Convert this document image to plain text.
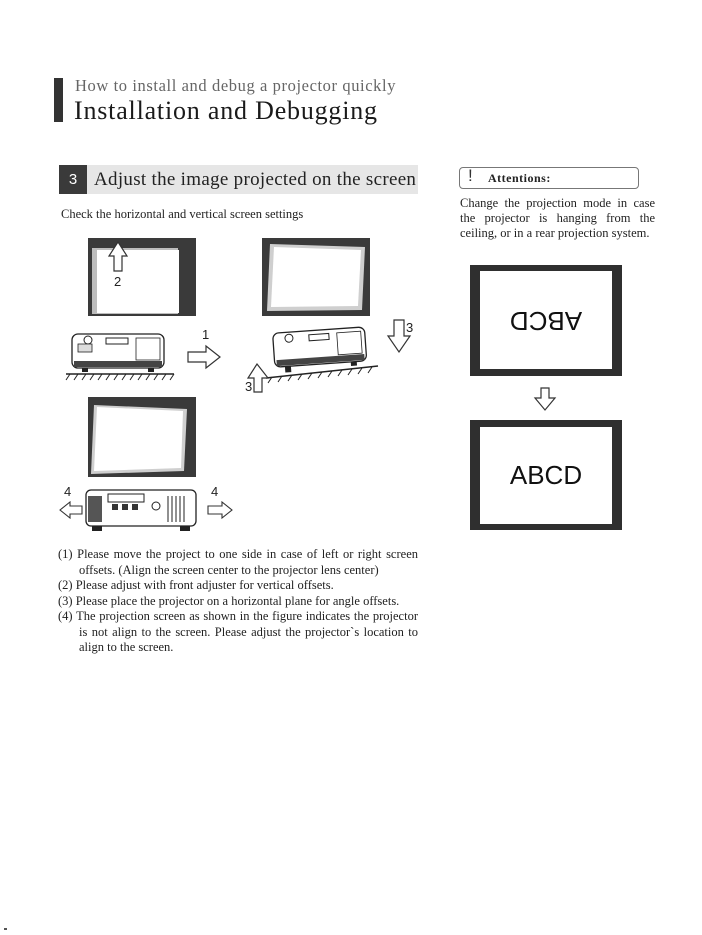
How to install and debug a projector quickly
Installation and Debugging
3 Adjust the image projected on the screen
Check the horizontal and vertical screen settings
! Attentions:
Change the projection mode in case the projector is hanging from the ceiling, or in a rear projection system.
2
1	3
3
4	4
(1) Please move the project to one side in case of left or right screen offsets. (Align the screen center to the projector lens center)
(2) Please adjust with front adjuster for vertical offsets.
(3) Please place the projector on a horizontal plane for angle offsets.
(4) The projection screen as shown in the figure indicates the projector is not align to the screen. Please adjust the projector`s location to align to the screen.
ABCD
ABCD
